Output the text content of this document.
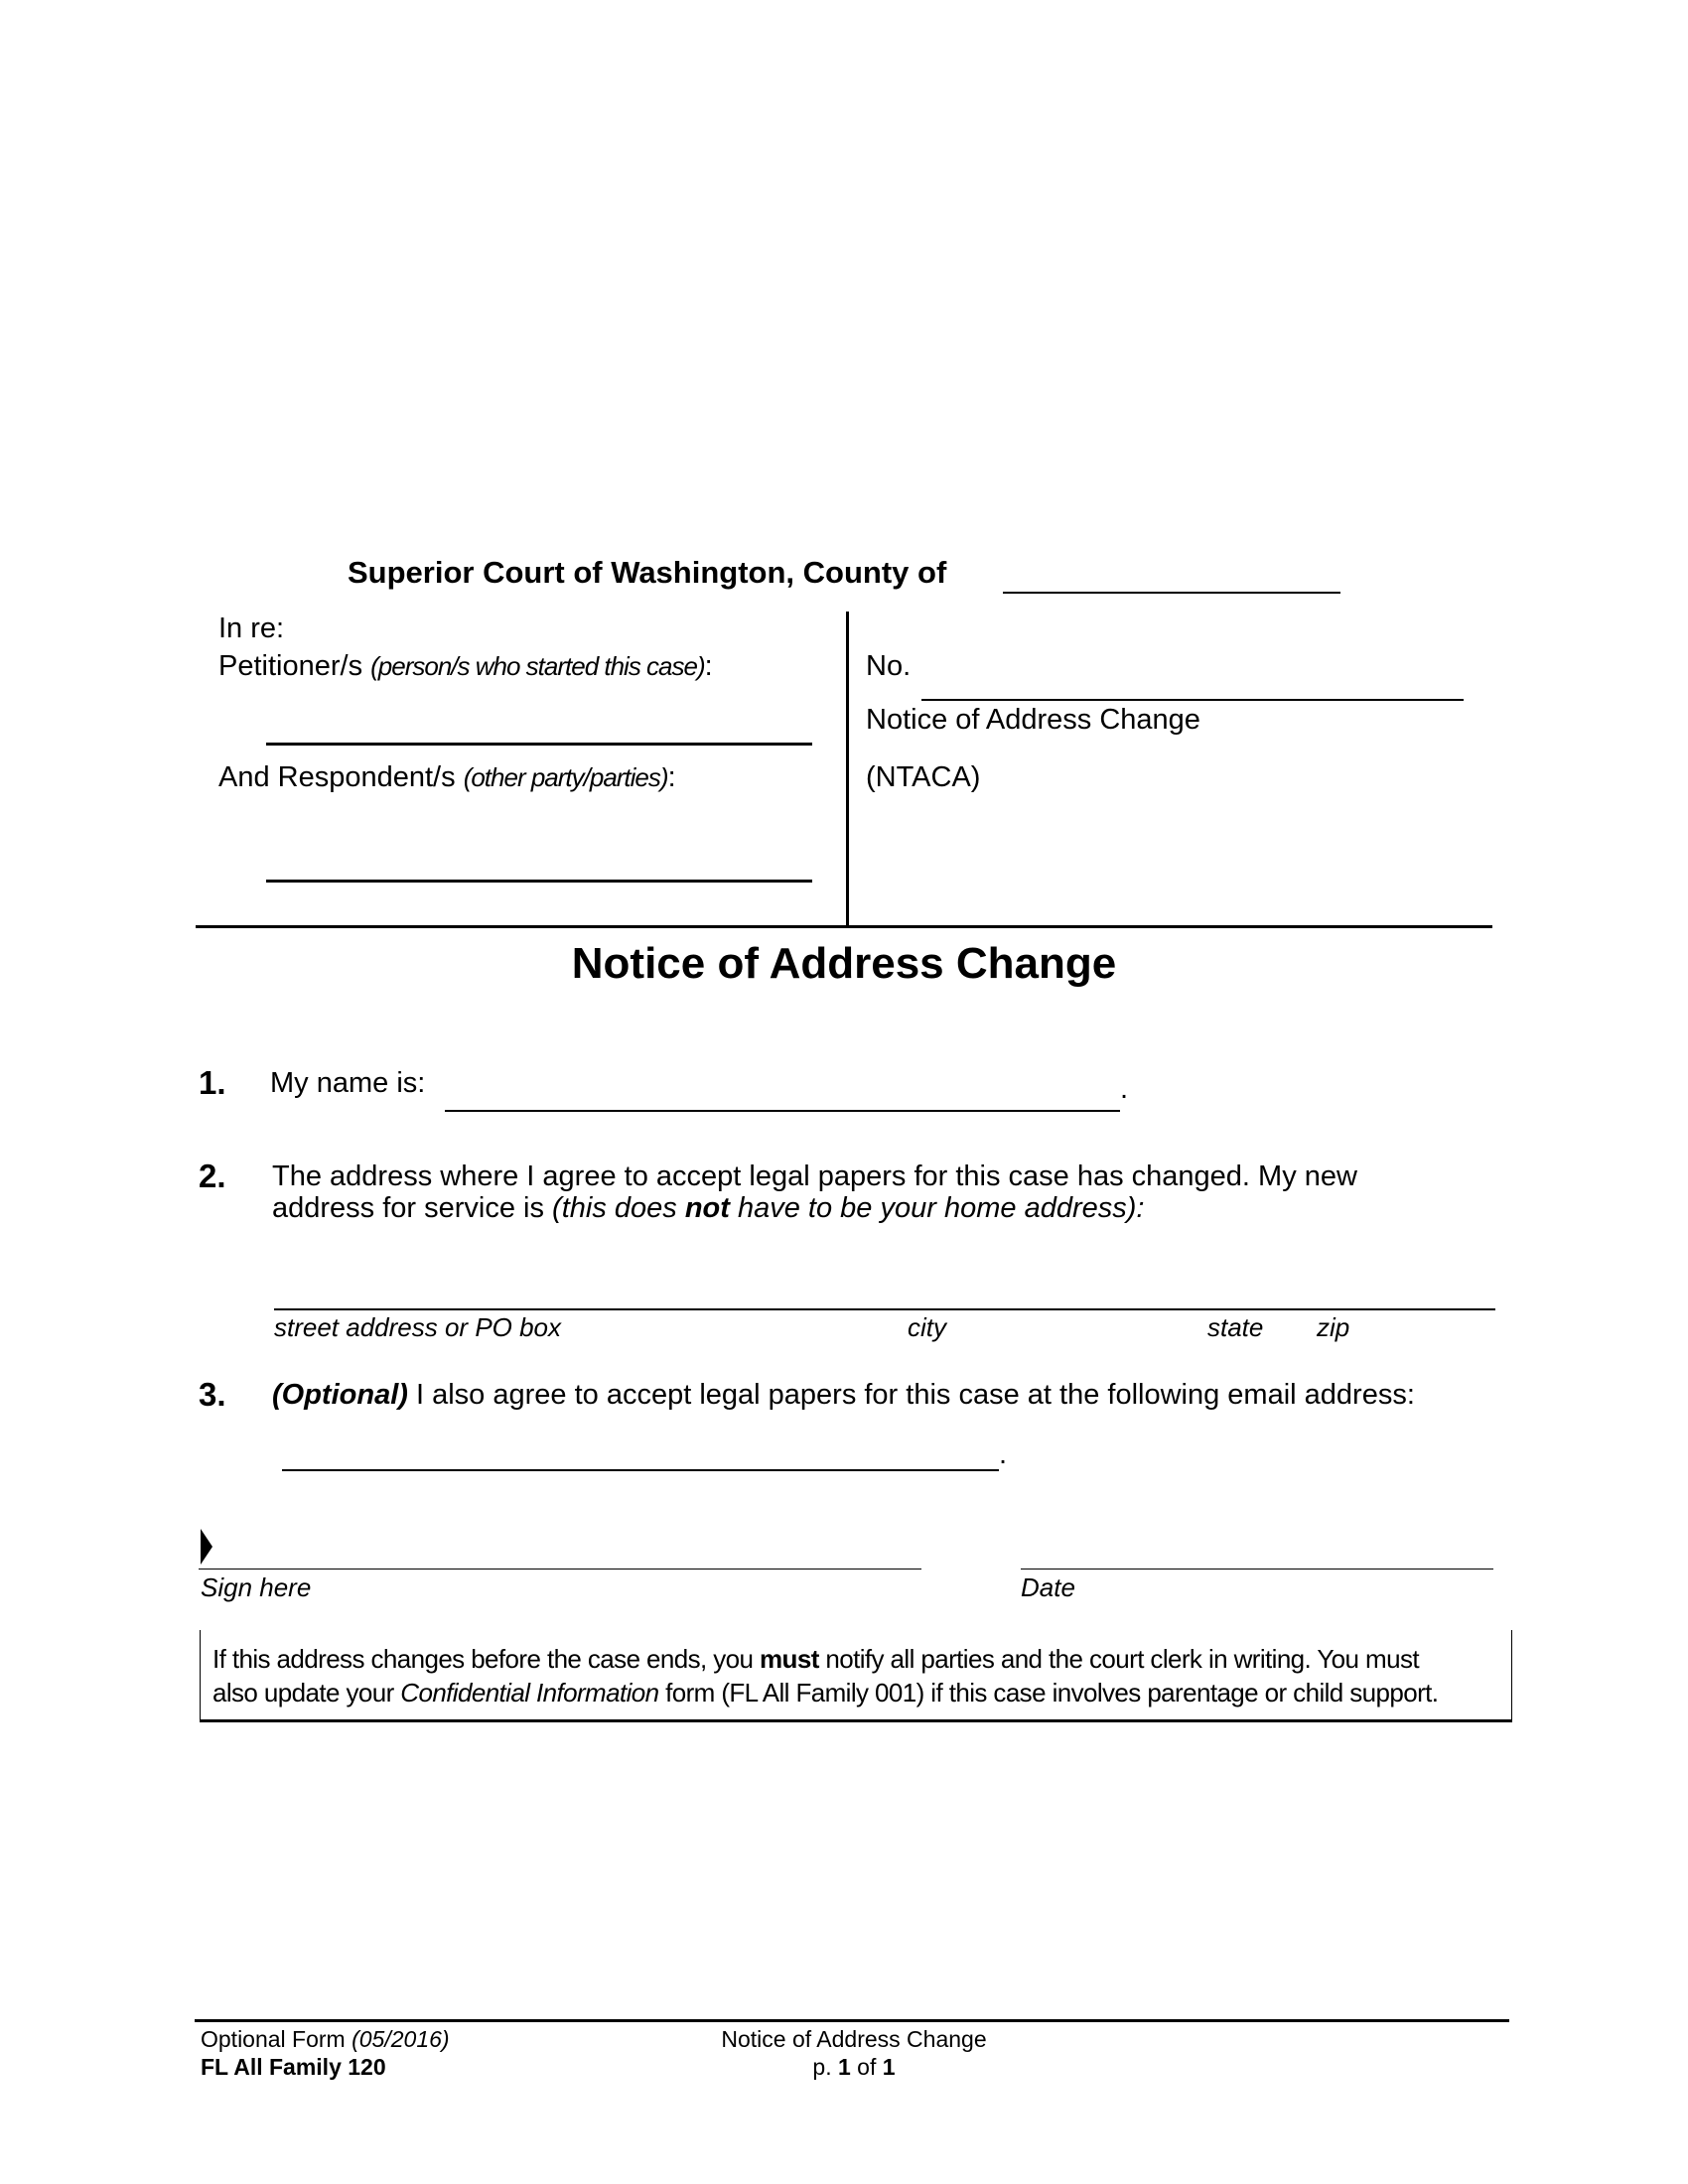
Superior Court of Washington, County of
In re:
Petitioner/s (person/s who started this case):
And Respondent/s (other party/parties):
No.
Notice of Address Change
(NTACA)
Notice of Address Change
1. My name is:	.
2. The address where I agree to accept legal papers for this case has changed. My new
address for service is (this does not have to be your home address):
street address or PO box	city	state zip
3. (Optional) I also agree to accept legal papers for this case at the following email address:
.
Sign here	Date
If this address changes before the case ends, you must notify all parties and the court clerk in writing. You must
also update your Confidential Information form (FL All Family 001) if this case involves parentage or child support.
Optional Form (05/2016)
FL All Family 120
Notice of Address Change
p. 1 of 1
